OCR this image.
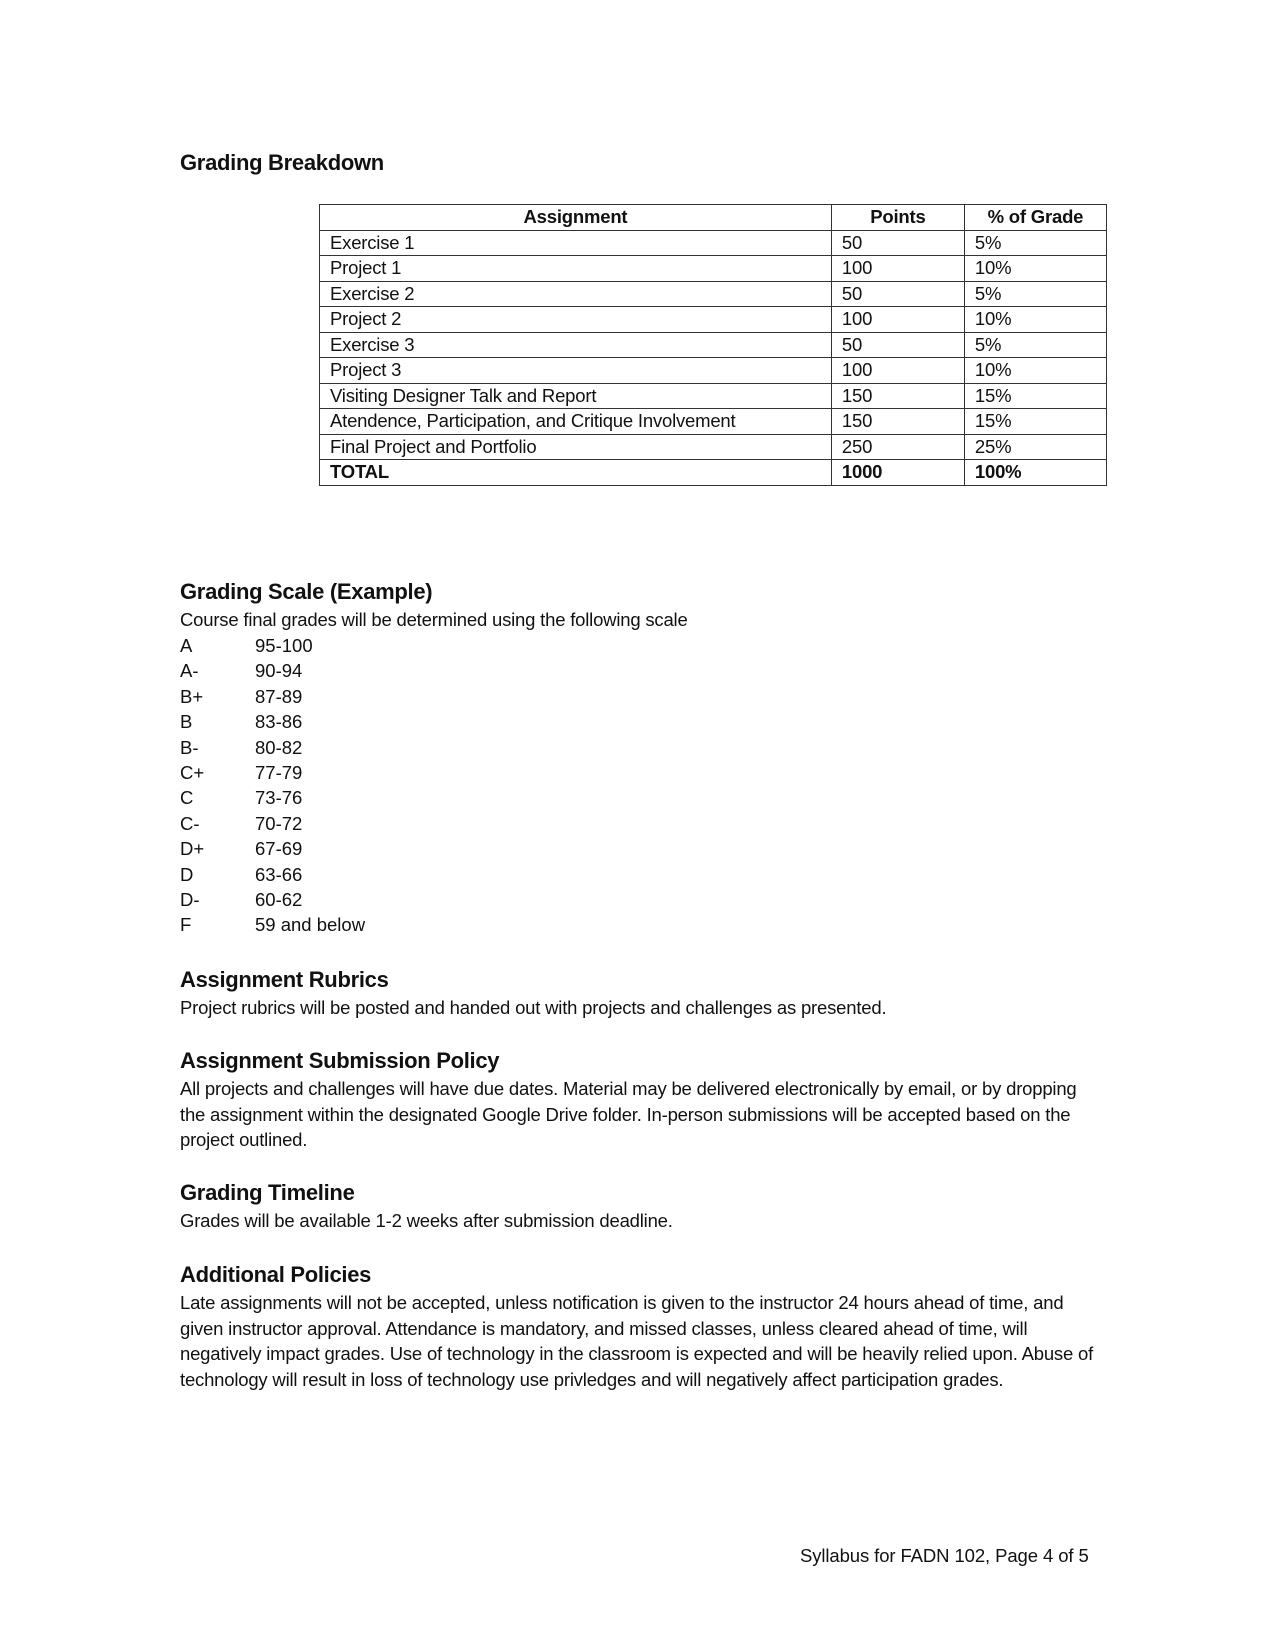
Grading Breakdown
Assignment	Points	% of Grade
Exercise 1	50	5%
Project 1	100	10%
Exercise 2	50	5%
Project 2	100	10%
Exercise 3	50	5%
Project 3	100	10%
Visiting Designer Talk and Report	150	15%
Atendence, Participation, and Critique Involvement	150	15%
Final Project and Portfolio	250	25%
TOTAL	1000	100%
Grading Scale (Example)
Course final grades will be determined using the following scale
A	95-100
A-	90-94
B+	87-89
B	83-86
B-	80-82
C+	77-79
C	73-76
C-	70-72
D+	67-69
D	63-66
D-	60-62
F	59 and below
Assignment Rubrics
Project rubrics will be posted and handed out with projects and challenges as presented.
Assignment Submission Policy
All projects and challenges will have due dates. Material may be delivered electronically by email, or by dropping the assignment within the designated Google Drive folder. In-person submissions will be accepted based on the project outlined.
Grading Timeline
Grades will be available 1-2 weeks after submission deadline.
Additional Policies
Late assignments will not be accepted, unless notification is given to the instructor 24 hours ahead of time, and given instructor approval. Attendance is mandatory, and missed classes, unless cleared ahead of time, will negatively impact grades. Use of technology in the classroom is expected and will be heavily relied upon. Abuse of technology will result in loss of technology use privledges and will negatively affect participation grades.
Syllabus for FADN 102, Page 4 of 5
